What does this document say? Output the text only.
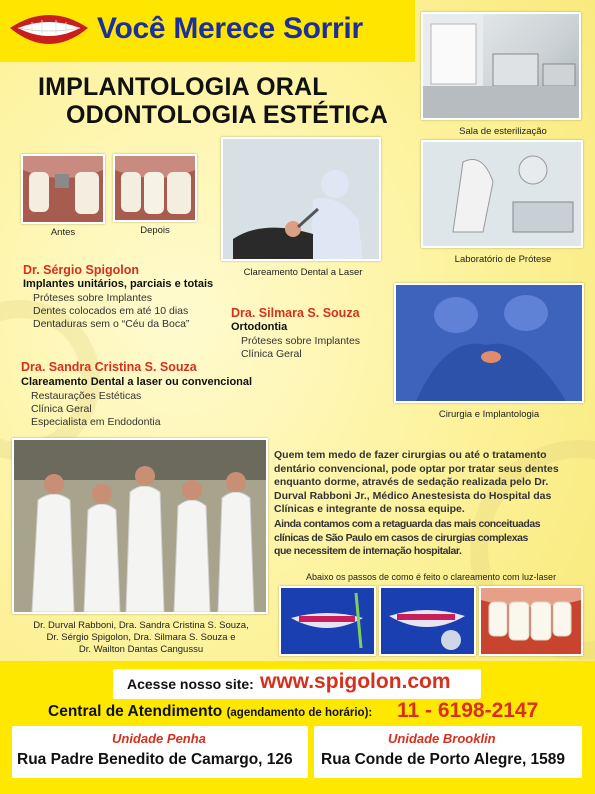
Você Merece Sorrir
IMPLANTOLOGIA ORAL
ODONTOLOGIA ESTÉTICA
Sala de esterilização
Laboratório de Prótese
Cirurgia e Implantologia
Clareamento Dental a Laser
Antes	Depois
Dr. Sérgio Spigolon
Implantes unitários, parciais e totais
Próteses sobre Implantes
Dentes colocados em até 10 dias
Dentaduras sem o “Céu da Boca”
Dra. Silmara S. Souza
Ortodontia
Próteses sobre Implantes
Clínica Geral
Dra. Sandra Cristina S. Souza
Clareamento Dental a laser ou convencional
Restaurações Estéticas
Clínica Geral
Especialista em Endodontia
Dr. Durval Rabboni, Dra. Sandra Cristina S. Souza,
Dr. Sérgio Spigolon, Dra. Silmara S. Souza e
Dr. Wailton Dantas Cangussu
Quem tem medo de fazer cirurgias ou até o tratamento
dentário convencional, pode optar por tratar seus dentes
enquanto dorme, através de sedação realizada pelo Dr.
Durval Rabboni Jr., Médico Anestesista do Hospital das
Clínicas e integrante de nossa equipe.
Ainda contamos com a retaguarda das mais conceituadas
clínicas de São Paulo em casos de cirurgias complexas
que necessitem de internação hospitalar.
Abaixo os passos de como é feito o clareamento com luz-laser
Acesse nosso site: www.spigolon.com
Central de Atendimento (agendamento de horário): 11 - 6198-2147
Unidade Penha
Rua Padre Benedito de Camargo, 126
Unidade Brooklin
Rua Conde de Porto Alegre, 1589
